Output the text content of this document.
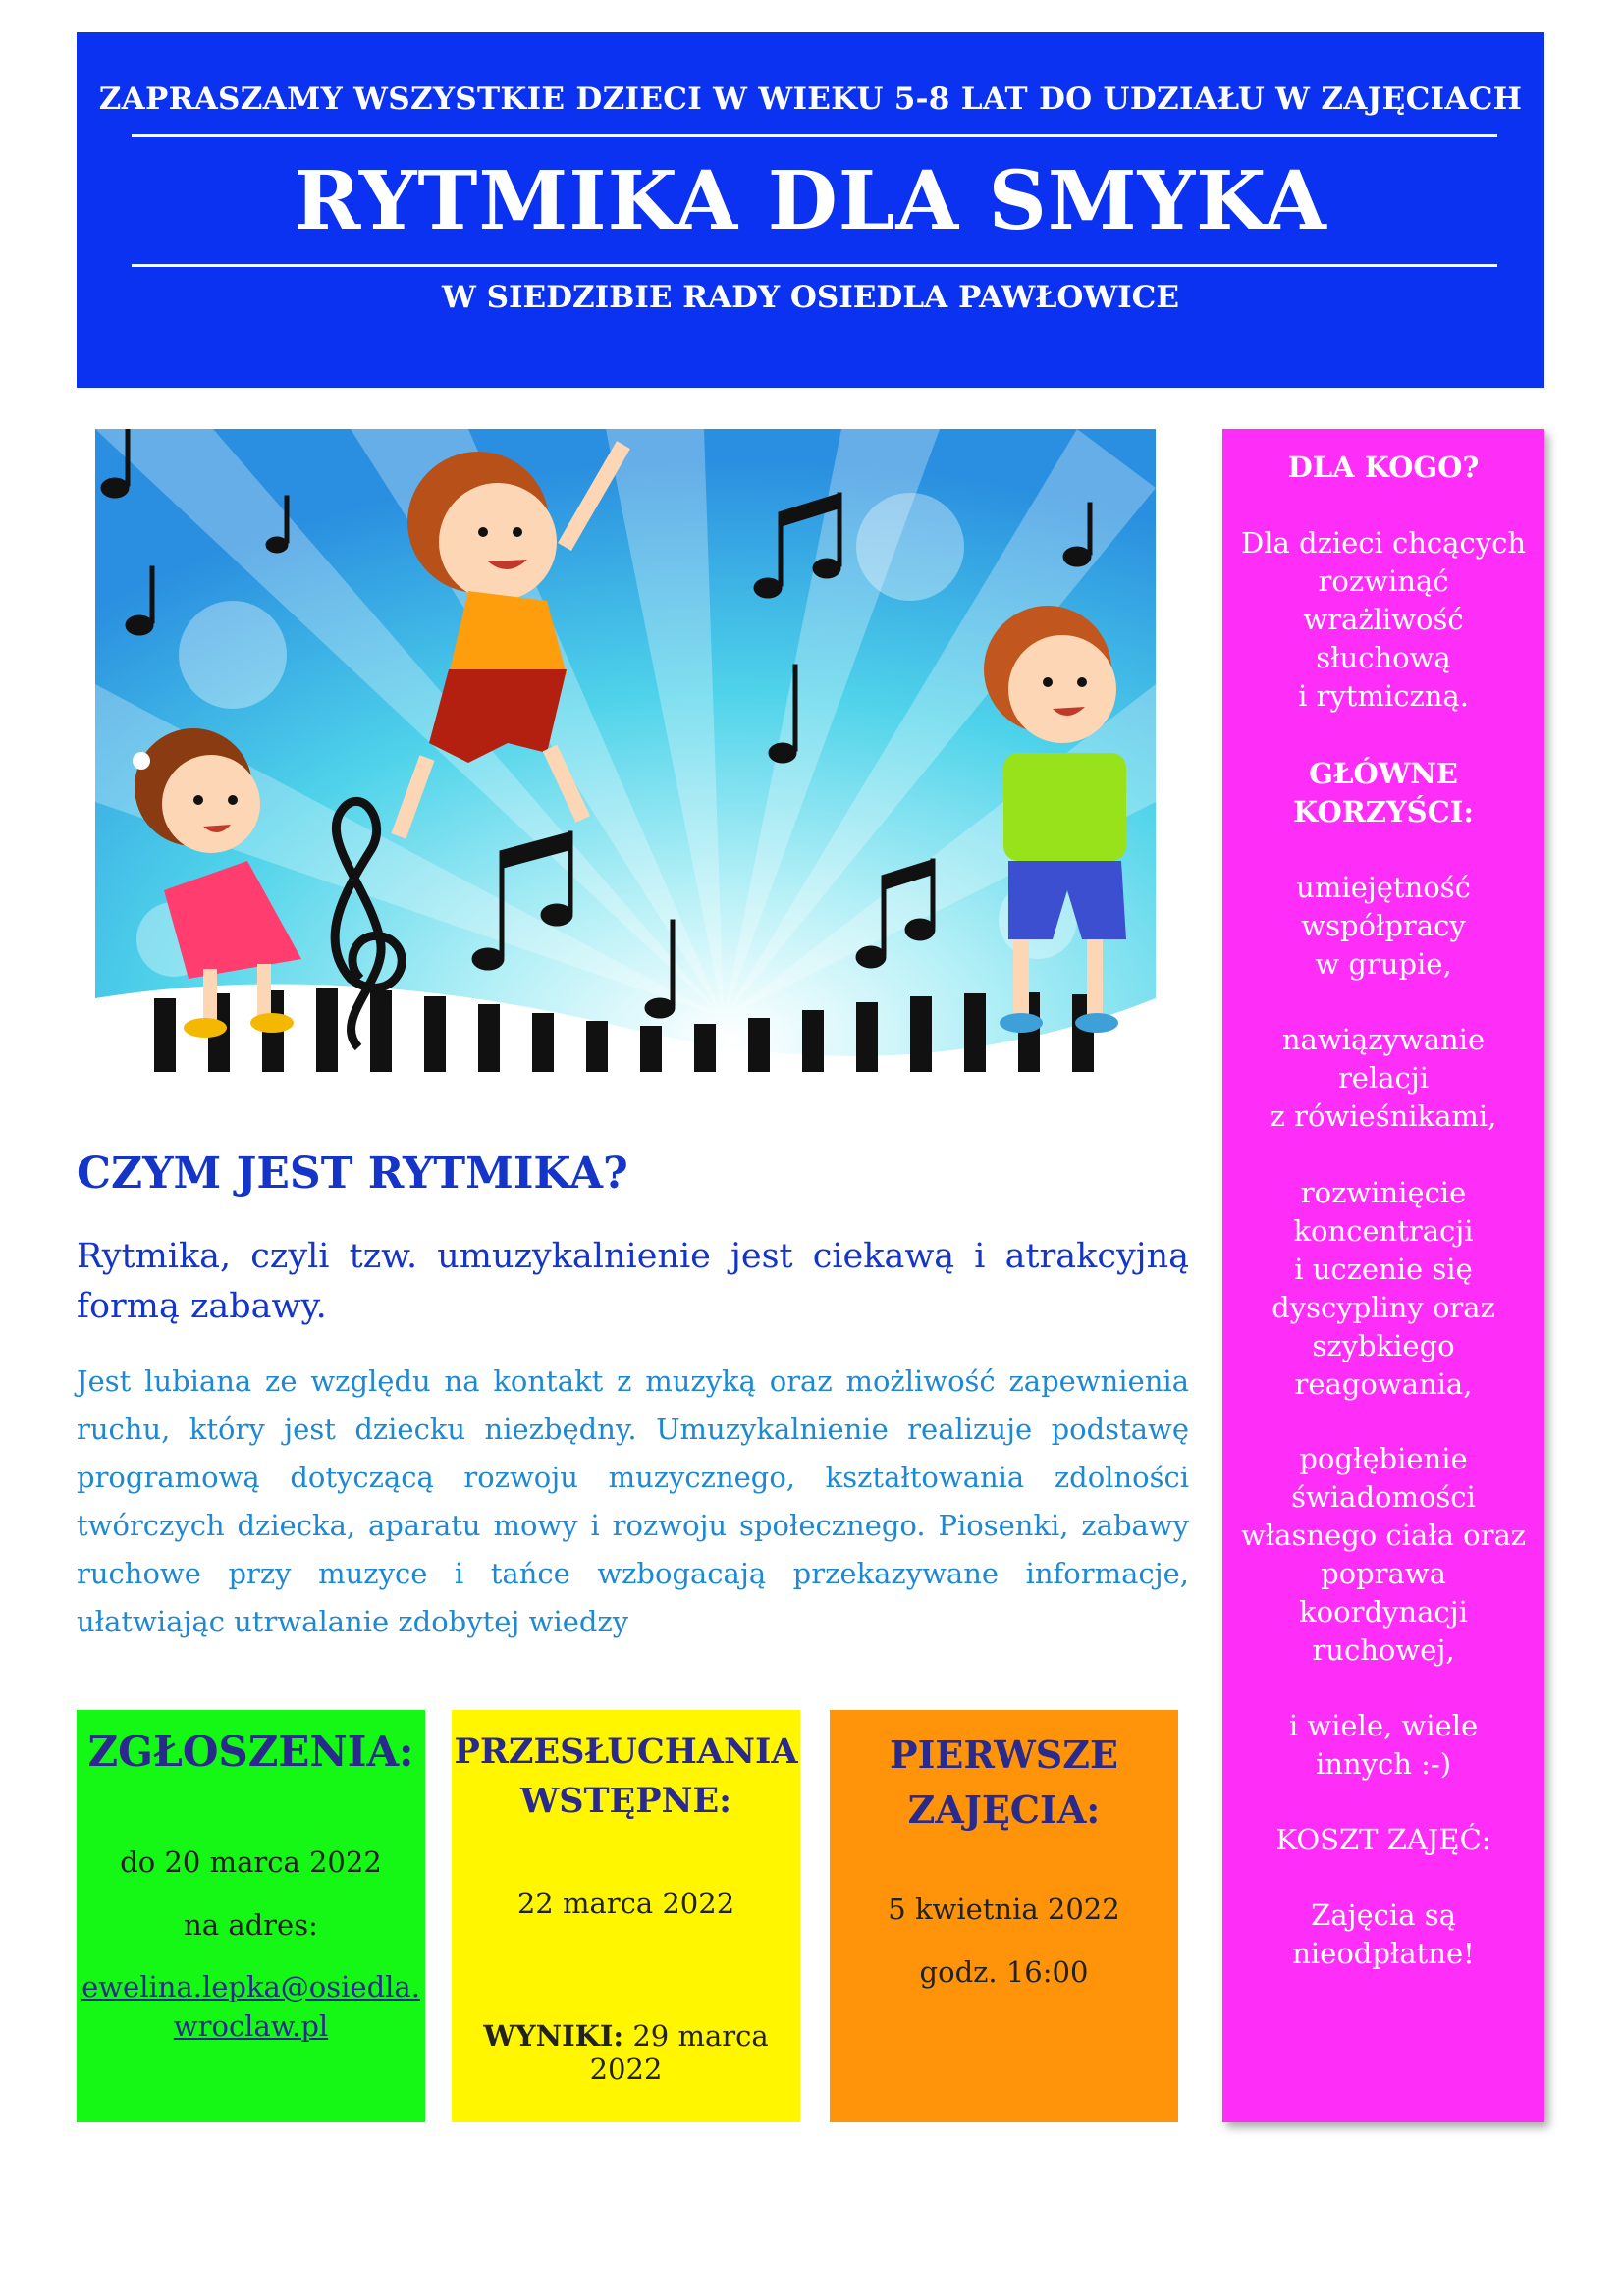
ZAPRASZAMY WSZYSTKIE DZIECI W WIEKU 5-8 LAT DO UDZIAŁU W ZAJĘCIACH
RYTMIKA DLA SMYKA
W SIEDZIBIE RADY OSIEDLA PAWŁOWICE
CZYM JEST RYTMIKA?
Rytmika, czyli tzw. umuzykalnienie jest ciekawą i atrakcyjną formą zabawy.
Jest lubiana ze względu na kontakt z muzyką oraz możliwość zapewnienia ruchu, który jest dziecku niezbędny. Umuzykalnienie realizuje podstawę programową dotyczącą rozwoju muzycznego, kształtowania zdolności twórczych dziecka, aparatu mowy i rozwoju społecznego. Piosenki, zabawy ruchowe przy muzyce i tańce wzbogacają przekazywane informacje, ułatwiając utrwalanie zdobytej wiedzy
DLA KOGO?
Dla dzieci chcących
rozwinąć
wrażliwość
słuchową
i rytmiczną.
GŁÓWNE
KORZYŚCI:
umiejętność
współpracy
w grupie,
nawiązywanie
relacji
z rówieśnikami,
rozwinięcie
koncentracji
i uczenie się
dyscypliny oraz
szybkiego
reagowania,
pogłębienie
świadomości
własnego ciała oraz
poprawa
koordynacji
ruchowej,
i wiele, wiele
innych :-)
KOSZT ZAJĘĆ:
Zajęcia są
nieodpłatne!
ZGŁOSZENIA:
do 20 marca 2022
na adres:
ewelina.lepka@osiedla.
wroclaw.pl
PRZESŁUCHANIA
WSTĘPNE:
22 marca 2022
WYNIKI: 29 marca 2022
PIERWSZE
ZAJĘCIA:
5 kwietnia 2022
godz. 16:00
